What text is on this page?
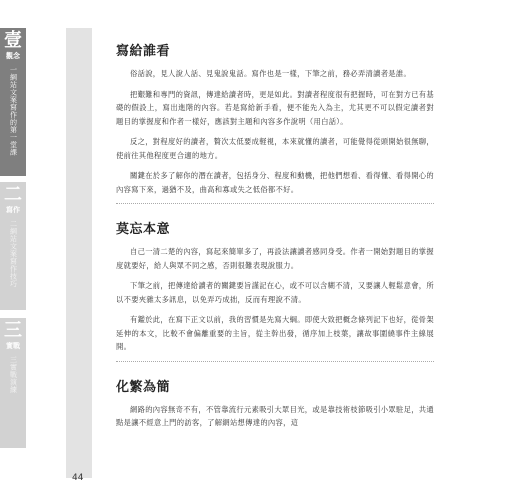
壹
觀念
一網站文案寫作的第一堂課
二
寫作
二網站文案寫作技巧
三
實戰
三實戰演練
寫給誰看

俗話說，見人說人話、見鬼說鬼話。寫作也是一樣，下筆之前，務必弄清讀者是誰。

把艱難和專門的資訊，傳達給讀者時，更是如此。對讀者程度很有把握時，可在對方已有基礎的假設上，寫出進階的內容。若是寫給新手看，便不能先入為主，尤其更不可以假定讀者對題目的掌握度和作者一樣好，應該對主題和內容多作說明（用白話）。

反之，對程度好的讀者，贅次太低要成軽視，本來就懂的讀者，可能覺得從頭開始很無聊，使前往其他程度更合適的地方。

關鍵在於多了解你的潛在讀者，包括身分、程度和動機，把他們想看、看得懂、看得開心的內容寫下來，過猶不及，曲高和寡或失之低俗都不好。

莫忘本意

自己一清二楚的內容，寫起來簡單多了，再設法讓讀者感同身受。作者一開始對題目的掌握度就要好，給人與眾不同之感，否則很難表現說服力。

下筆之前，把傳達給讀者的關鍵要旨謹記在心，或不可以含糊不清，又要讓人輕鬆意會，所以不要夾雜太多訊息，以免弄巧成拙，反而有理說不清。

有鑑於此，在寫下正文以前，我的習慣是先寫大綱。即使大致把概念條列記下也好，從骨架延伸的本文，比較不會偏離重要的主旨，從主幹出發，循序加上枝葉，讓故事圍繞事件主線展開。

化繁為簡

網路的內容無奇不有，不管靠流行元素吸引大眾目光，或是靠技術枝節吸引小眾駐足，共通點是讓不經意上門的訪客，了解網站想傳達的內容，這

44
